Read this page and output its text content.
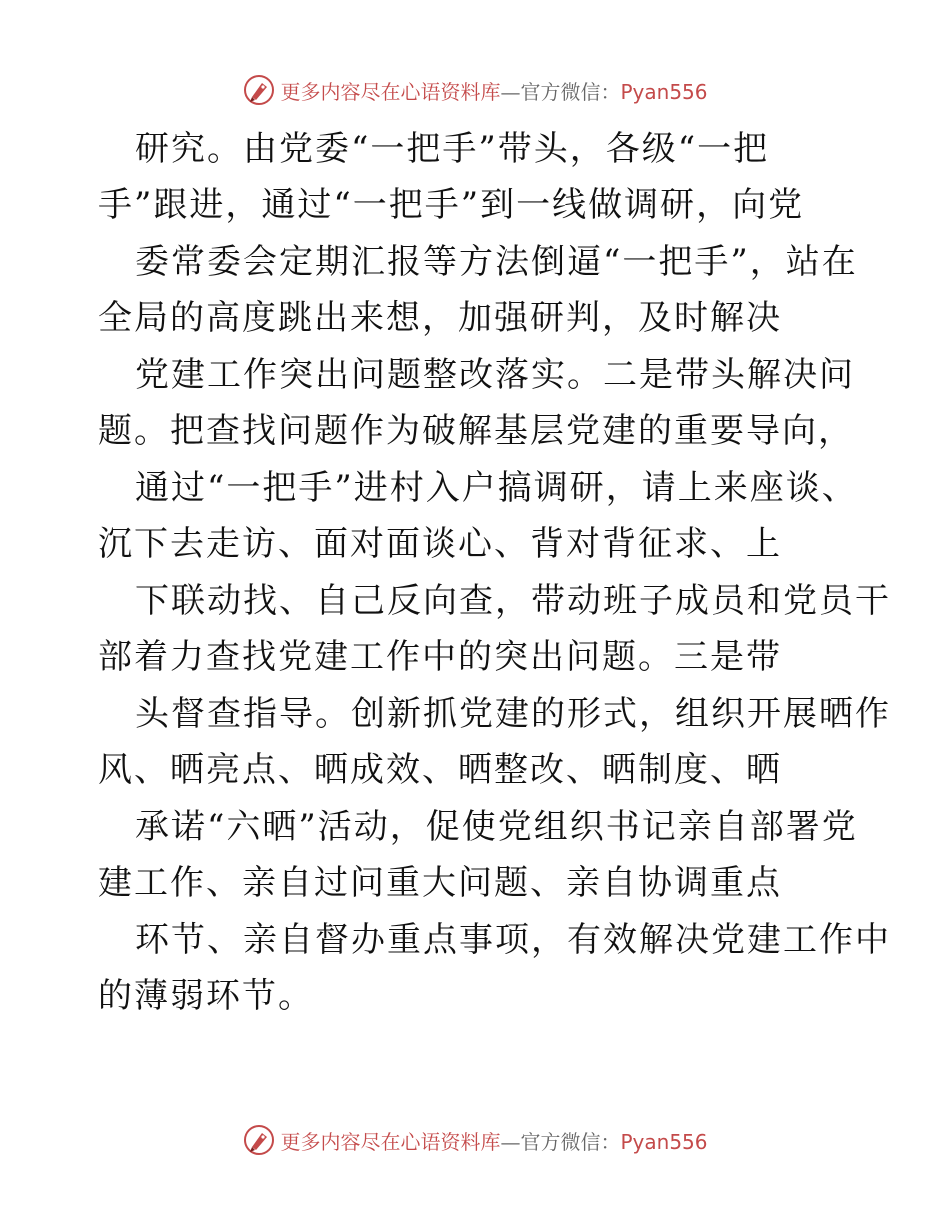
更多内容尽在心语资料库—官方微信：Pyan556
研究。由党委“一把手”带头，各级“一把
手”跟进，通过“一把手”到一线做调研，向党
委常委会定期汇报等方法倒逼“一把手”，站在
全局的高度跳出来想，加强研判，及时解决
党建工作突出问题整改落实。二是带头解决问
题。把查找问题作为破解基层党建的重要导向，
通过“一把手”进村入户搞调研，请上来座谈、
沉下去走访、面对面谈心、背对背征求、上
下联动找、自己反向查，带动班子成员和党员干
部着力查找党建工作中的突出问题。三是带
头督查指导。创新抓党建的形式，组织开展晒作
风、晒亮点、晒成效、晒整改、晒制度、晒
承诺“六晒”活动，促使党组织书记亲自部署党
建工作、亲自过问重大问题、亲自协调重点
环节、亲自督办重点事项，有效解决党建工作中
的薄弱环节。
更多内容尽在心语资料库—官方微信：Pyan556
